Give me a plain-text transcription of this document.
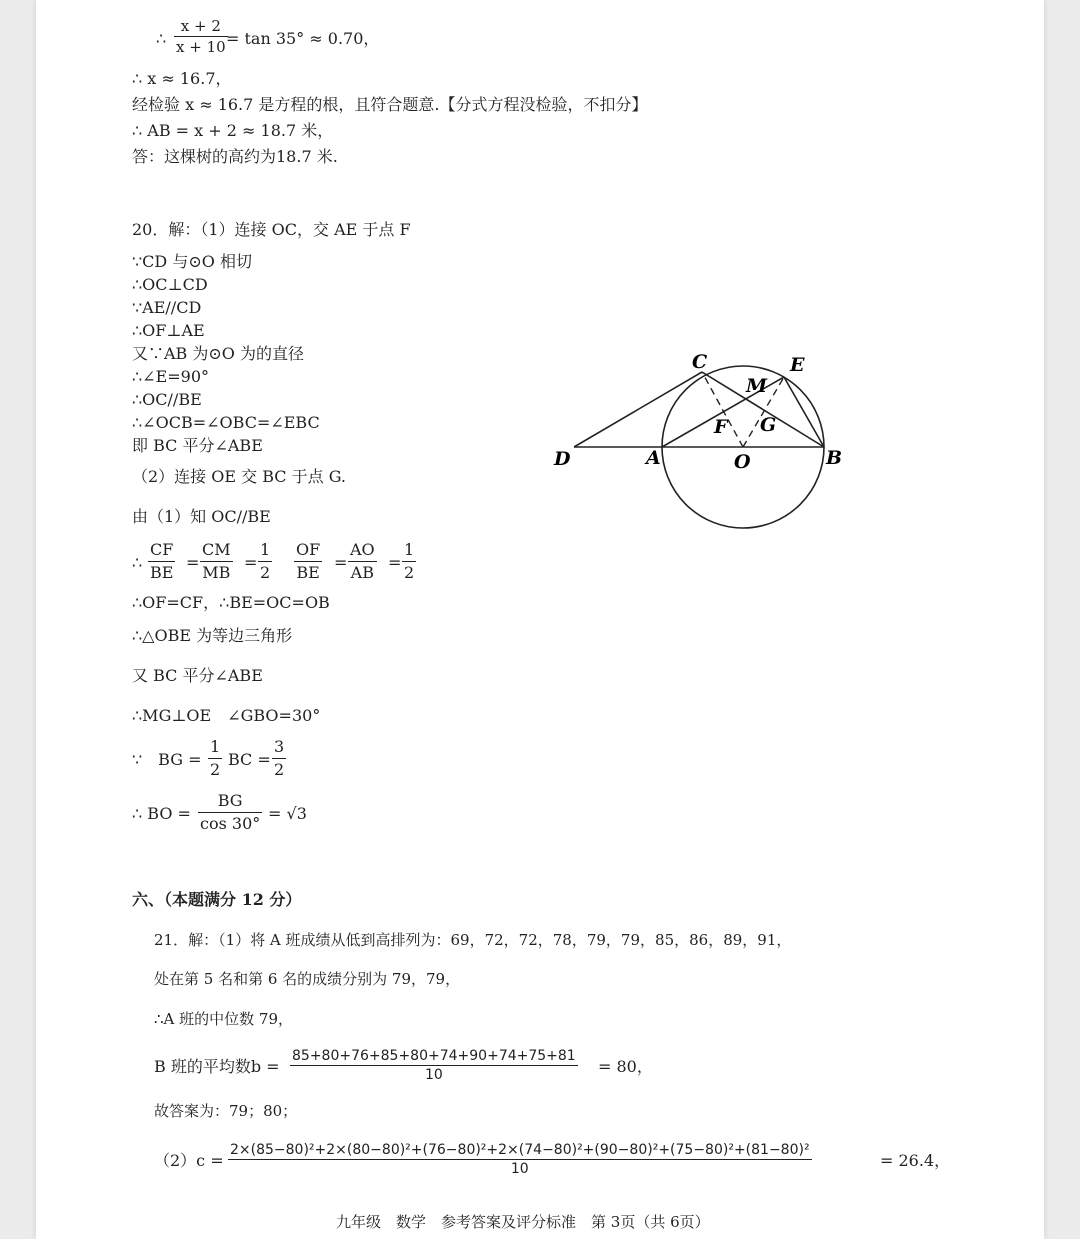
∴ $\frac{x + 2}{x + 10}$
= tan 35° ≈ 0.70，
∴ x ≈ 16.7，
经检验 x ≈ 16.7 是方程的根，且符合题意.【分式方程没检验，不扣分】
∴ AB = x + 2 ≈ 18.7 米，
答：这棵树的高约为18.7 米.
20．解：（1）连接 OC，交 AE 于点 F
∵CD 与⊙O 相切
∴OC⊥CD
∵AE//CD
∴OF⊥AE
又∵AB 为⊙O 为的直径
∴∠E=90°
∴OC//BE
∴∠OCB=∠OBC=∠EBC
即 BC 平分∠ABE
（2）连接 OE 交 BC 于点 G.
由（1）知 OC//BE
∴ $\frac{CF}{BE} = \frac{CM}{MB} = \frac{1}{2} \frac{OF}{BE} = \frac{AO}{AB} = \frac{1}{2}$
∴OF=CF，∴BE=OC=OB
∴△OBE 为等边三角形
又 BC 平分∠ABE
∴MG⊥OE　∠GBO=30°
∵　BG = $\frac{1}{2}$ BC = $\frac{3}{2}$
∴ BO = $\frac{BG}{\cos 30^\circ} = √3$
C	E
M
F G
D	A	O	B
六、（本题满分 12 分）
21．解：（1）将 A 班成绩从低到高排列为：69，72，72，78，79，79，85，86，89，91，
处在第 5 名和第 6 名的成绩分别为 79，79，
∴A 班的中位数 79，
B 班的平均数$b = \frac{85+80+76+85+80+74+90+74+75+81}{10} = 80$，
故答案为：79；80；
（2）c =
2×(85−80)²+2×(80−80)²+(76−80)²+2×(74−80)²+(90−80)²+(75−80)²+(81−80)²
10	= 26.4，
九年级　数学　参考答案及评分标准　第 3页（共 6页）
